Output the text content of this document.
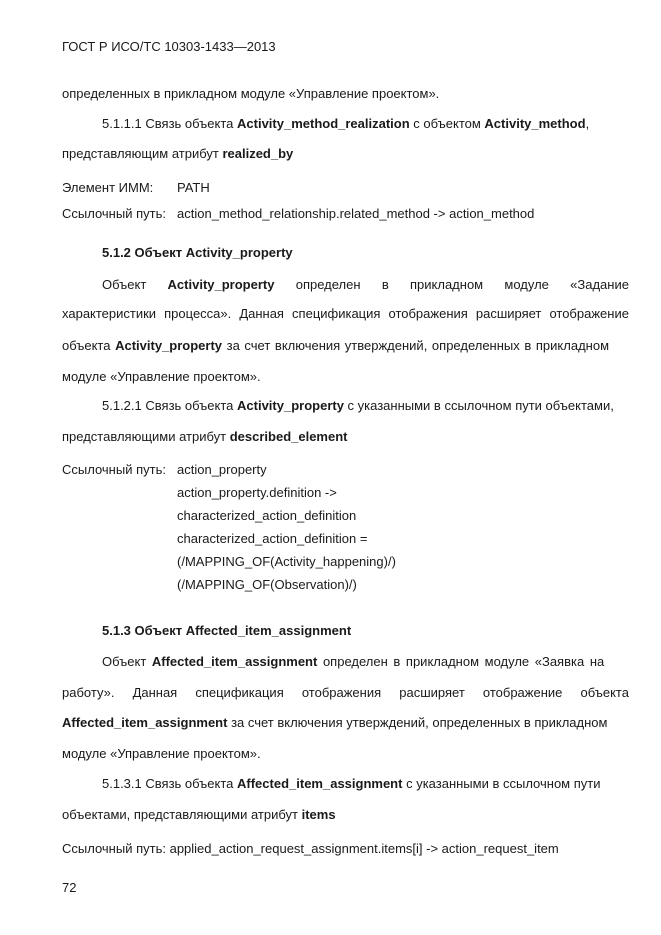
ГОСТ Р ИСО/ТС 10303-1433—2013
определенных в прикладном модуле «Управление проектом».
5.1.1.1 Связь объекта Activity_method_realization с объектом Activity_method,
представляющим атрибут realized_by
Элемент ИММ: PATH
Ссылочный путь: action_method_relationship.related_method -> action_method
5.1.2 Объект Activity_property
Объект Activity_property определен в прикладном модуле «Задание
характеристики процесса». Данная спецификация отображения расширяет отображение
объекта Activity_property за счет включения утверждений, определенных в прикладном
модуле «Управление проектом».
5.1.2.1 Связь объекта Activity_property с указанными в ссылочном пути объектами,
представляющими атрибут described_element
Ссылочный путь: action_property
action_property.definition ->
characterized_action_definition
characterized_action_definition =
(/MAPPING_OF(Activity_happening)/)
(/MAPPING_OF(Observation)/)
5.1.3 Объект Affected_item_assignment
Объект Affected_item_assignment определен в прикладном модуле «Заявка на
работу». Данная спецификация отображения расширяет отображение объекта
Affected_item_assignment за счет включения утверждений, определенных в прикладном
модуле «Управление проектом».
5.1.3.1 Связь объекта Affected_item_assignment с указанными в ссылочном пути
объектами, представляющими атрибут items
Ссылочный путь: applied_action_request_assignment.items[i] -> action_request_item
72
